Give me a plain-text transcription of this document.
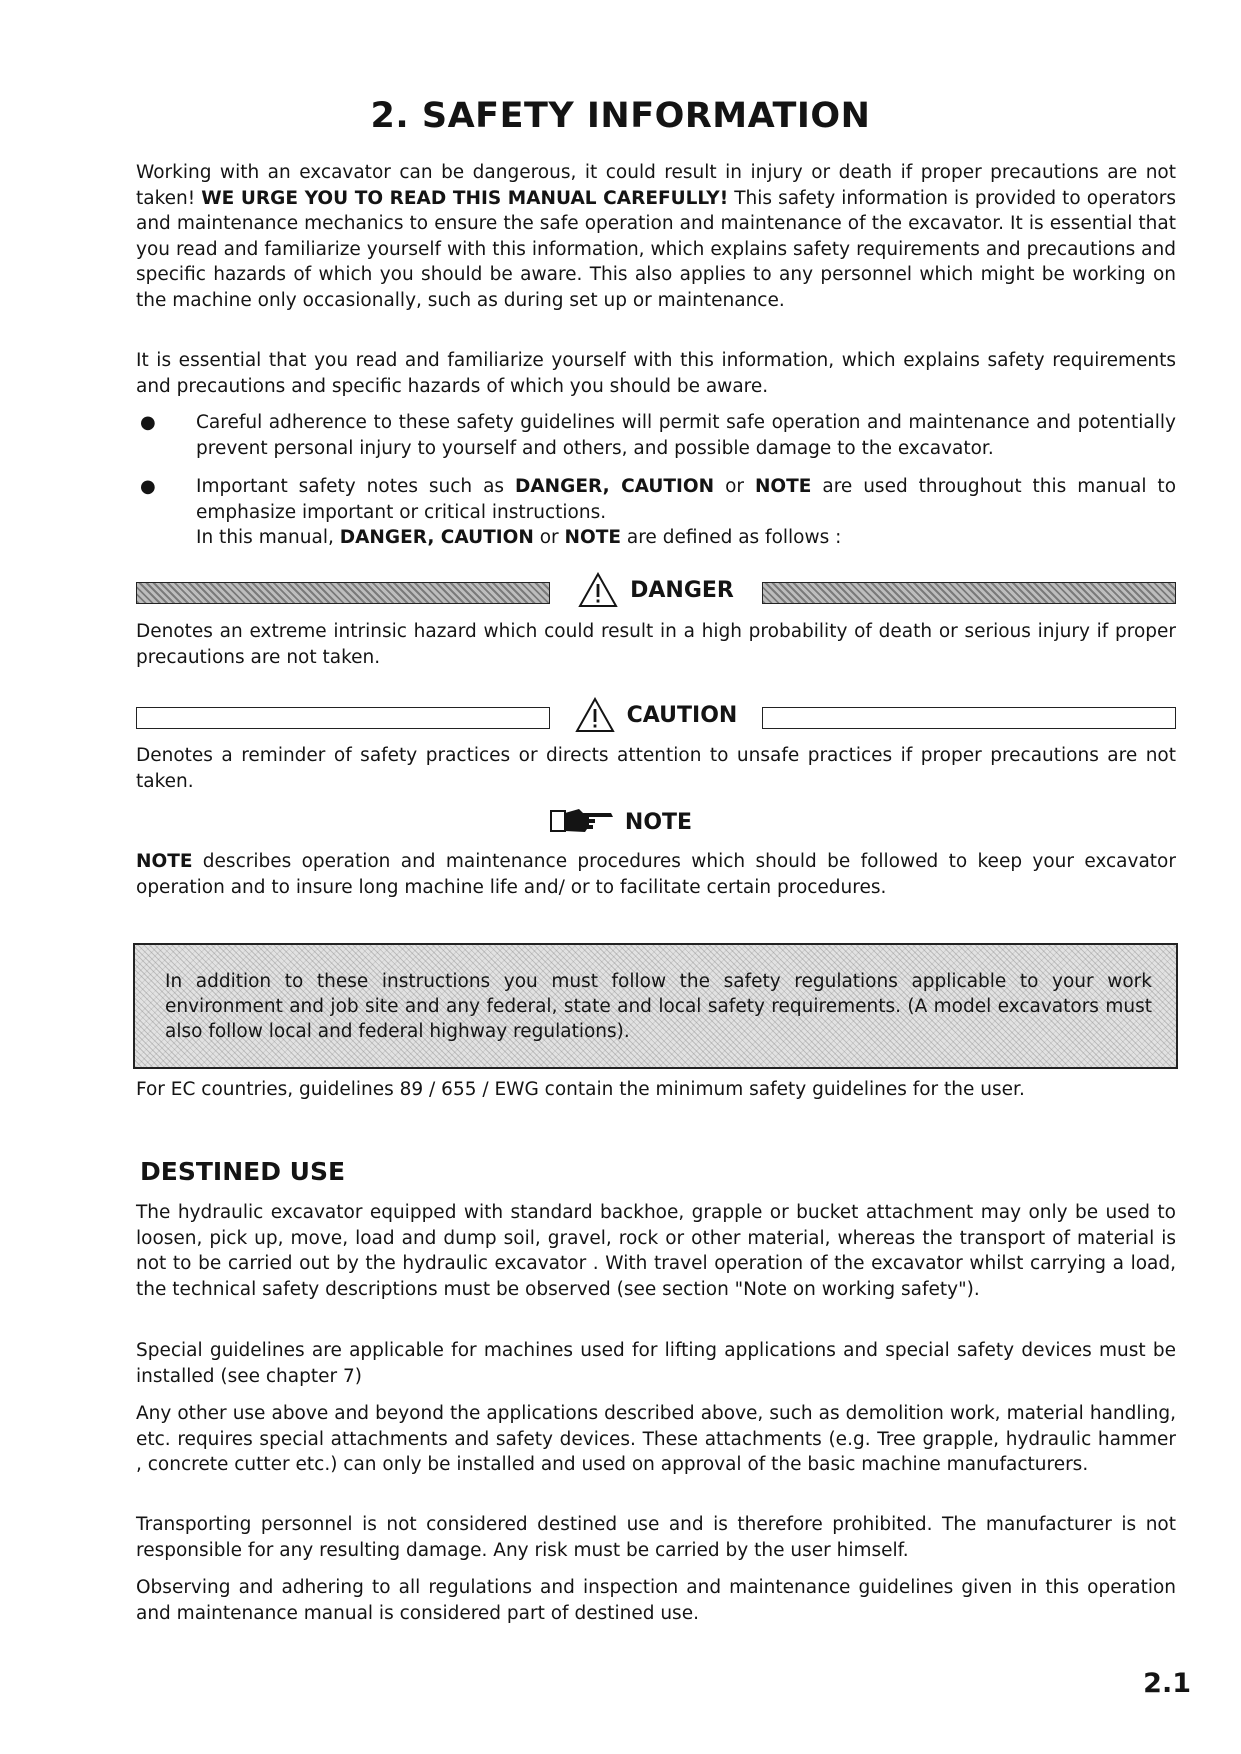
2. SAFETY INFORMATION

Working with an excavator can be dangerous, it could result in injury or death if proper precautions are not taken! WE URGE YOU TO READ THIS MANUAL CAREFULLY! This safety information is provided to operators and maintenance mechanics to ensure the safe operation and maintenance of the excavator. It is essential that you read and familiarize yourself with this information, which explains safety requirements and precautions and specific hazards of which you should be aware. This also applies to any personnel which might be working on the machine only occasionally, such as during set up or maintenance.

It is essential that you read and familiarize yourself with this information, which explains safety requirements and precautions and specific hazards of which you should be aware.
● Careful adherence to these safety guidelines will permit safe operation and maintenance and potentially prevent personal injury to yourself and others, and possible damage to the excavator.
● Important safety notes such as DANGER, CAUTION or NOTE are used throughout this manual to emphasize important or critical instructions.

In this manual, DANGER, CAUTION or NOTE are defined as follows :

DANGER
Denotes an extreme intrinsic hazard which could result in a high probability of death or serious injury if proper precautions are not taken.
CAUTION
Denotes a reminder of safety practices or directs attention to unsafe practices if proper precautions are not taken.
NOTE

NOTE describes operation and maintenance procedures which should be followed to keep your excavator operation and to insure long machine life and/ or to facilitate certain procedures.

In addition to these instructions you must follow the safety regulations applicable to your work environment and job site and any federal, state and local safety requirements. (A model excavators must also follow local and federal highway regulations).

For EC countries, guidelines 89 / 655 / EWG contain the minimum safety guidelines for the user.
DESTINED USE
The hydraulic excavator equipped with standard backhoe, grapple or bucket attachment may only be used to loosen, pick up, move, load and dump soil, gravel, rock or other material, whereas the transport of material is not to be carried out by the hydraulic excavator . With travel operation of the excavator whilst carrying a load, the technical safety descriptions must be observed (see section "Note on working safety").
Special guidelines are applicable for machines used for lifting applications and special safety devices must be installed (see chapter 7)
Any other use above and beyond the applications described above, such as demolition work, material handling, etc. requires special attachments and safety devices. These attachments (e.g. Tree grapple, hydraulic hammer , concrete cutter etc.) can only be installed and used on approval of the basic machine manufacturers.
Transporting personnel is not considered destined use and is therefore prohibited. The manufacturer is not responsible for any resulting damage. Any risk must be carried by the user himself.
Observing and adhering to all regulations and inspection and maintenance guidelines given in this operation and maintenance manual is considered part of destined use.
2.1
